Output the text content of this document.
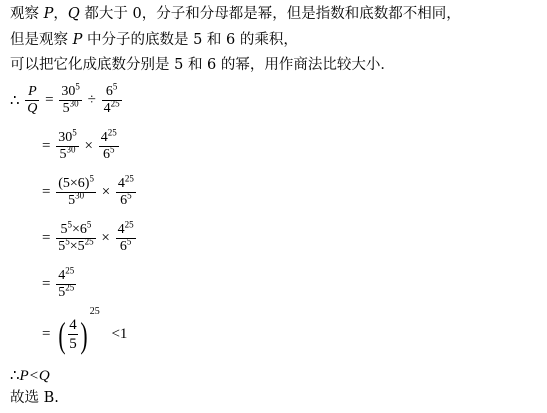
观察 P，Q 都大于 0，分子和分母都是幂，但是指数和底数都不相同，
但是观察 P 中分子的底数是 5 和 6 的乘积，
可以把它化成底数分别是 5 和 6 的幂，用作商法比较大小．
∴ $\frac{P}{Q} = \frac{30^5}{5^{30}} \div \frac{6^5}{4^{25}}$
= $\frac{30^5}{5^{30}} \times \frac{4^{25}}{6^5}$
= $\frac{(5\times 6)^5}{5^{30}} \times \frac{4^{25}}{6^5}$
= $\frac{5^5\times 6^5}{5^5\times 5^{25}} \times \frac{4^{25}}{6^5}$
= $\frac{4^{25}}{5^{25}}$
= ( $\frac{4}{5} )^{25} <1$
∴P<Q
故选 B.
